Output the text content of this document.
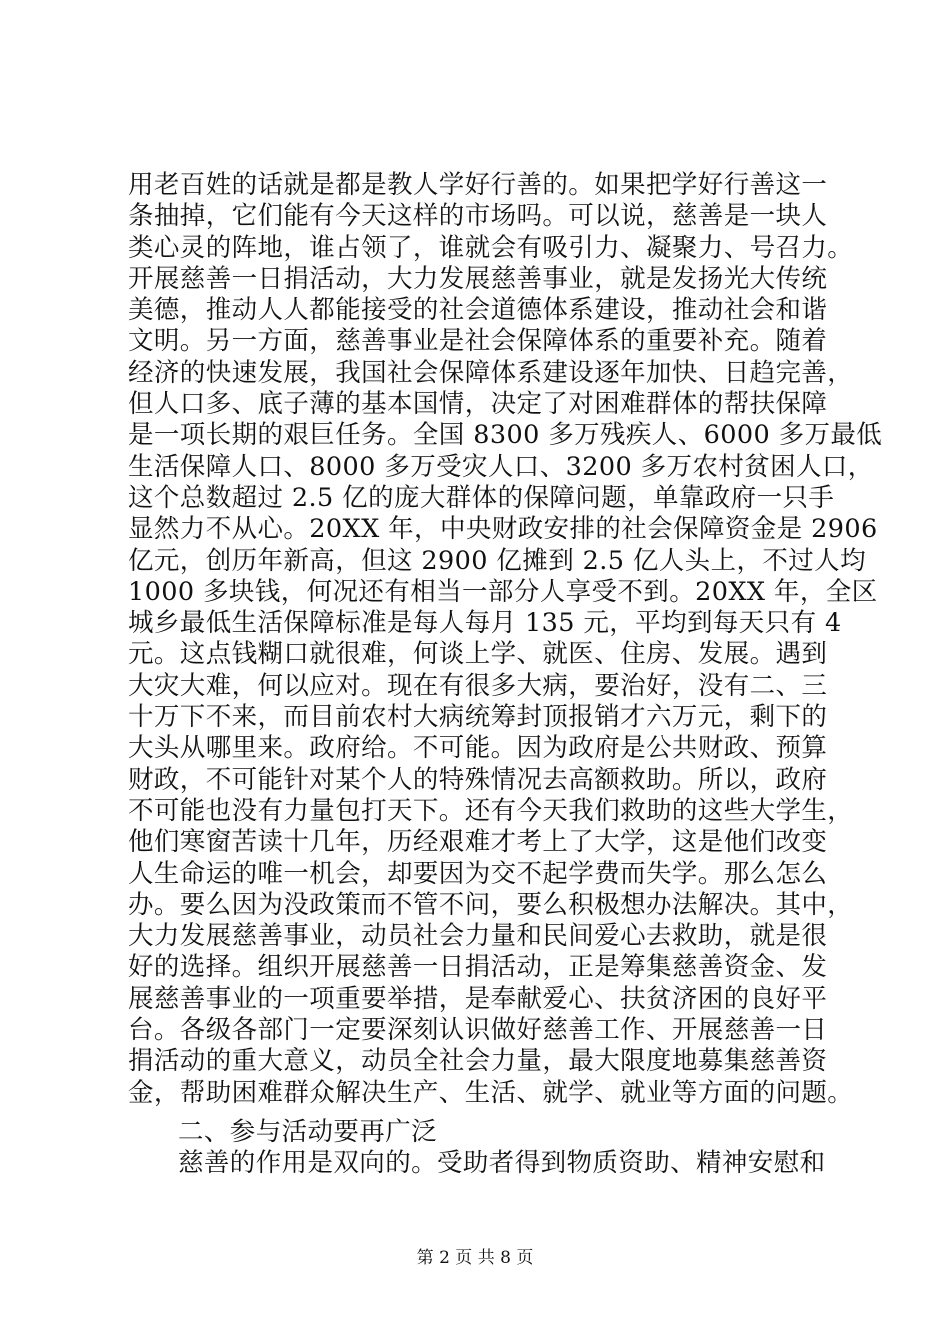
用老百姓的话就是都是教人学好行善的。如果把学好行善这一
条抽掉，它们能有今天这样的市场吗。可以说，慈善是一块人
类心灵的阵地，谁占领了，谁就会有吸引力、凝聚力、号召力。
开展慈善一日捐活动，大力发展慈善事业，就是发扬光大传统
美德，推动人人都能接受的社会道德体系建设，推动社会和谐
文明。另一方面，慈善事业是社会保障体系的重要补充。随着
经济的快速发展，我国社会保障体系建设逐年加快、日趋完善，
但人口多、底子薄的基本国情，决定了对困难群体的帮扶保障
是一项长期的艰巨任务。全国 8300 多万残疾人、6000 多万最低
生活保障人口、8000 多万受灾人口、3200 多万农村贫困人口，
这个总数超过 2.5 亿的庞大群体的保障问题，单靠政府一只手
显然力不从心。20XX 年，中央财政安排的社会保障资金是 2906
亿元，创历年新高，但这 2900 亿摊到 2.5 亿人头上，不过人均
1000 多块钱，何况还有相当一部分人享受不到。20XX 年，全区
城乡最低生活保障标准是每人每月 135 元，平均到每天只有 4
元。这点钱糊口就很难，何谈上学、就医、住房、发展。遇到
大灾大难，何以应对。现在有很多大病，要治好，没有二、三
十万下不来，而目前农村大病统筹封顶报销才六万元，剩下的
大头从哪里来。政府给。不可能。因为政府是公共财政、预算
财政，不可能针对某个人的特殊情况去高额救助。所以，政府
不可能也没有力量包打天下。还有今天我们救助的这些大学生，
他们寒窗苦读十几年，历经艰难才考上了大学，这是他们改变
人生命运的唯一机会，却要因为交不起学费而失学。那么怎么
办。要么因为没政策而不管不问，要么积极想办法解决。其中，
大力发展慈善事业，动员社会力量和民间爱心去救助，就是很
好的选择。组织开展慈善一日捐活动，正是筹集慈善资金、发
展慈善事业的一项重要举措，是奉献爱心、扶贫济困的良好平
台。各级各部门一定要深刻认识做好慈善工作、开展慈善一日
捐活动的重大意义，动员全社会力量，最大限度地募集慈善资
金，帮助困难群众解决生产、生活、就学、就业等方面的问题。
二、参与活动要再广泛
慈善的作用是双向的。受助者得到物质资助、精神安慰和
第 2 页 共 8 页
